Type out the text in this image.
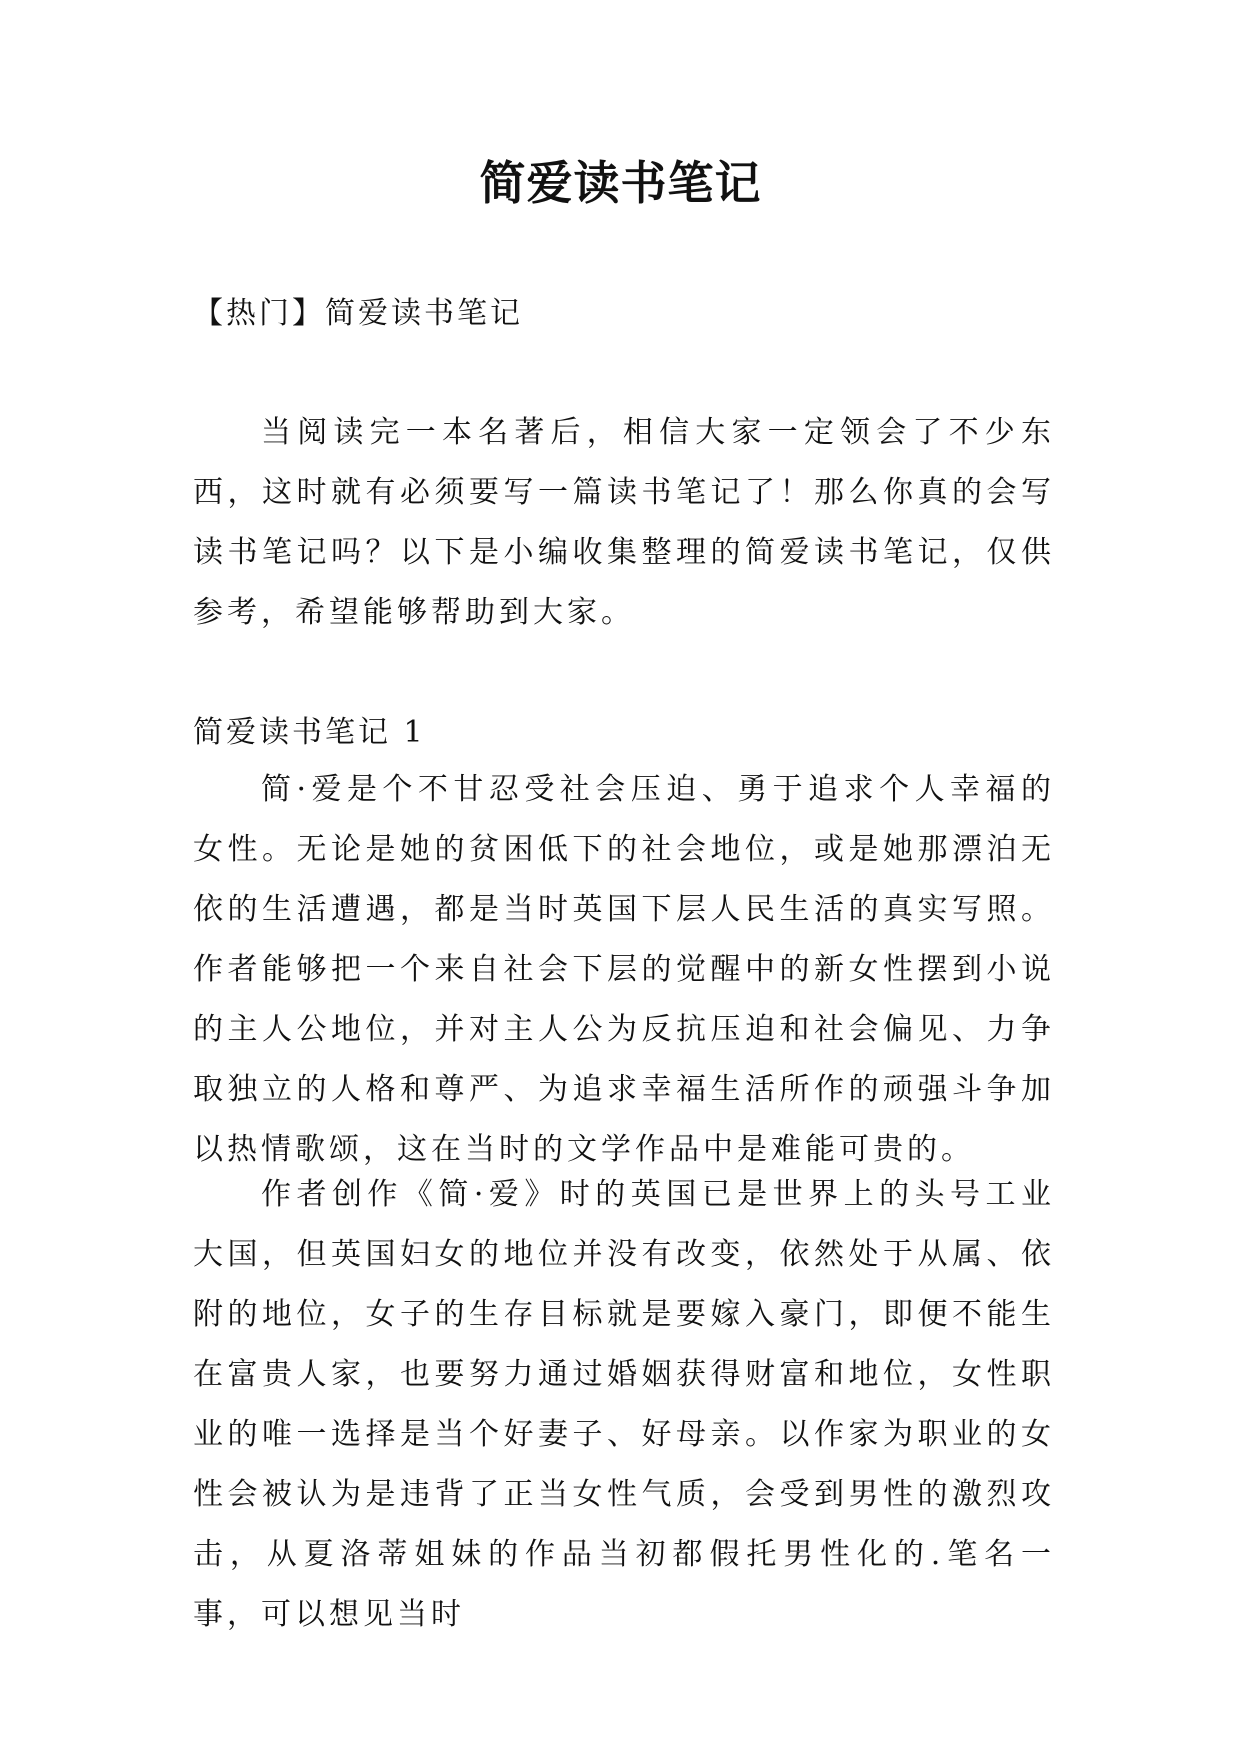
简爱读书笔记

【热门】简爱读书笔记

当阅读完一本名著后，相信大家一定领会了不少东西，这时就有必须要写一篇读书笔记了！那么你真的会写读书笔记吗？以下是小编收集整理的简爱读书笔记，仅供参考，希望能够帮助到大家。

简爱读书笔记 1

简·爱是个不甘忍受社会压迫、勇于追求个人幸福的女性。无论是她的贫困低下的社会地位，或是她那漂泊无依的生活遭遇，都是当时英国下层人民生活的真实写照。作者能够把一个来自社会下层的觉醒中的新女性摆到小说的主人公地位，并对主人公为反抗压迫和社会偏见、力争取独立的人格和尊严、为追求幸福生活所作的顽强斗争加以热情歌颂，这在当时的文学作品中是难能可贵的。

作者创作《简·爱》时的英国已是世界上的头号工业大国，但英国妇女的地位并没有改变，依然处于从属、依附的地位，女子的生存目标就是要嫁入豪门，即便不能生在富贵人家，也要努力通过婚姻获得财富和地位，女性职业的唯一选择是当个好妻子、好母亲。以作家为职业的女性会被认为是违背了正当女性气质，会受到男性的激烈攻击，从夏洛蒂姐妹的作品当初都假托男性化的.笔名一事，可以想见当时
